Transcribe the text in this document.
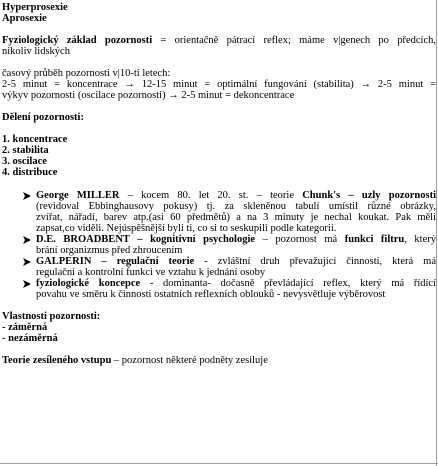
Hyperprosexie
Aprosexie
Fyziologický základ pozornosti = orientačně pátrací reflex; máme v|genech po předcích,
nikoliv lidských
časový průběh pozornosti v|10-ti letech:
2-5 minut = koncentrace → 12-15 minut = optimální fungování (stabilita) → 2-5 minut =
výkyv pozornosti (oscilace pozornosti) → 2-5 minut = dekoncentrace
Dělení pozornosti:
1. koncentrace
2. stabilita
3. oscilace
4. distribuce
George MILLER – kocem 80. let 20. st. – teorie Chunk's – uzly pozornosti
(revidoval Ebbinghausovy pokusy) tj. za skleněnou tabulí umístil různé obrázky,
zvířat, nářadí, barev atp.(asi 60 předmětů) a na 3 minuty je nechal koukat. Pak měli
zapsat,co viděli. Nejúspěšnější byli ti, co si to seskupili podle kategorií.
D.E. BROADBENT – kognitivní psychologie – pozornost má funkci filtru, který
brání organizmus před zhroucením
GALPERIN – regulační teorie - zvláštní druh převažující činnosti, která má
regulační a kontrolní funkci ve vztahu k jednání osoby
fyziologické koncepce - dominanta- dočasně převládající reflex, který má řídící
povahu ve směru k činnosti ostatních reflexních oblouků - nevysvětluje výběrovost
Vlastnosti pozornosti:
- záměrná
- nezáměrná
Teorie zesíleného vstupu – pozornost některé podněty zesiluje
